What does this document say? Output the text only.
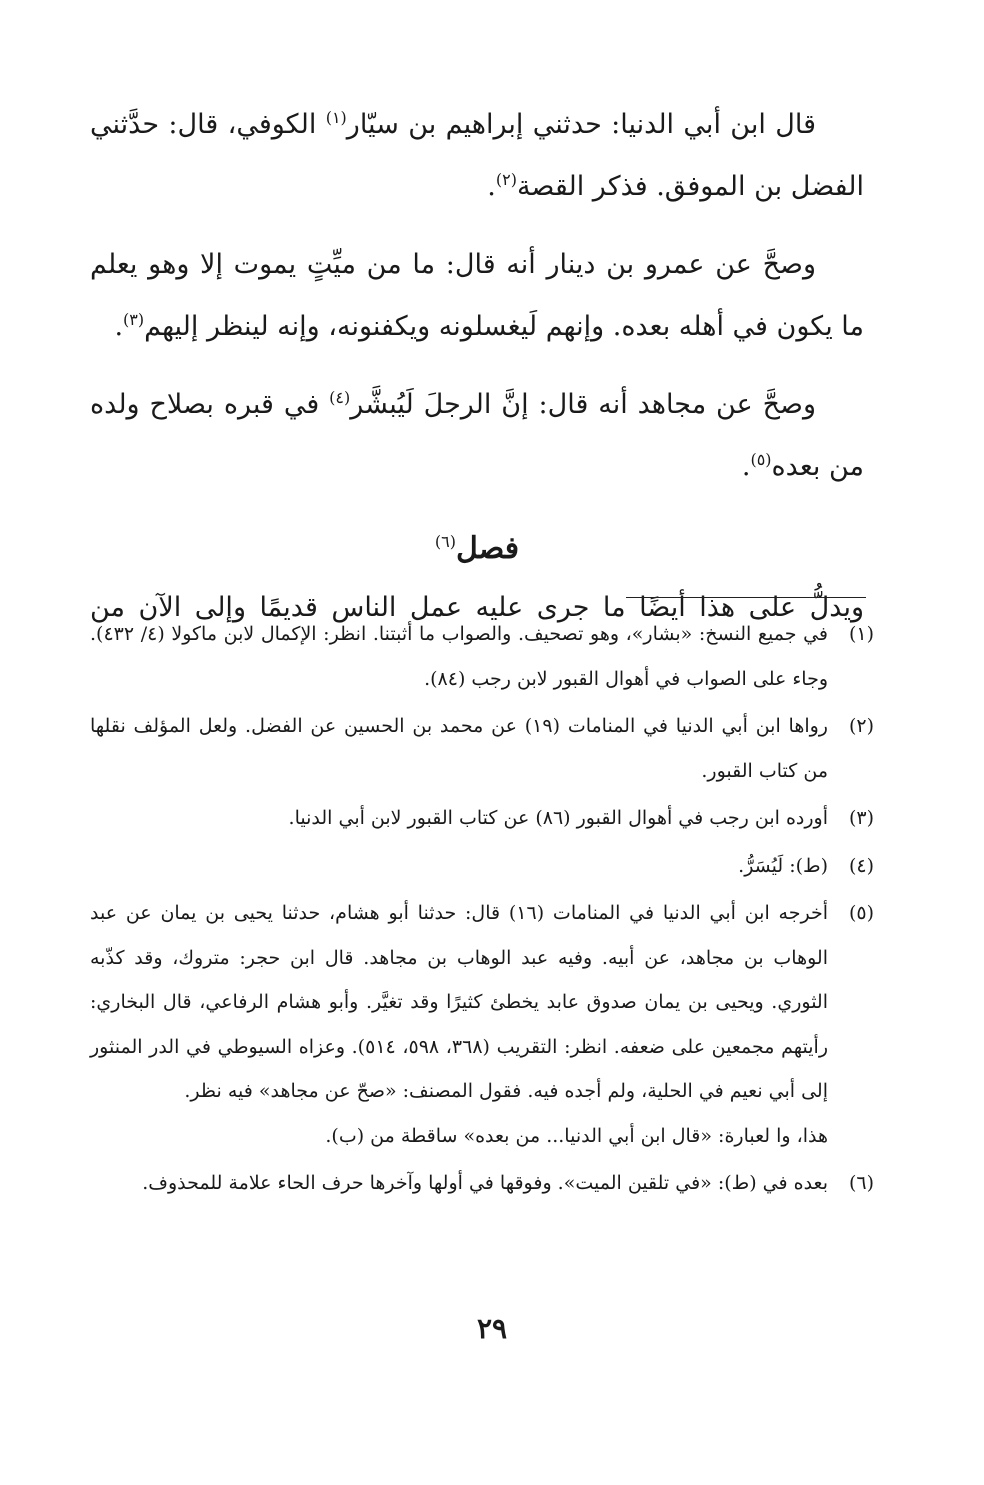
قال ابن أبي الدنيا: حدثني إبراهيم بن سيّار$^{(١)}$ الكوفي، قال: حدَّثني الفضل بن الموفق. فذكر القصة$^{(٢)}$.

وصحَّ عن عمرو بن دينار أنه قال: ما من ميِّتٍ يموت إلا وهو يعلم ما يكون في أهله بعده. وإنهم لَيغسلونه ويكفنونه، وإنه لينظر إليهم$^{(٣)}$.

وصحَّ عن مجاهد أنه قال: إنَّ الرجلَ لَيُبشَّر$^{(٤)}$ في قبره بصلاح ولده من بعده$^{(٥)}$.

فصل$^{(٦)}$

ويدلُّ على هذا أيضًا ما جرى عليه عمل الناس قديمًا وإلى الآن من

(١)

في جميع النسخ: «بشار»، وهو تصحيف. والصواب ما أثبتنا. انظر: الإكمال لابن ماكولا (٤/ ٤٣٢). وجاء على الصواب في أهوال القبور لابن رجب (٨٤).

(٢)

رواها ابن أبي الدنيا في المنامات (١٩) عن محمد بن الحسين عن الفضل. ولعل المؤلف نقلها من كتاب القبور.

(٣)

أورده ابن رجب في أهوال القبور (٨٦) عن كتاب القبور لابن أبي الدنيا.

(٤)

(ط): لَيُسَرُّ.

(٥)

أخرجه ابن أبي الدنيا في المنامات (١٦) قال: حدثنا أبو هشام، حدثنا يحيى بن يمان عن عبد الوهاب بن مجاهد، عن أبيه. وفيه عبد الوهاب بن مجاهد. قال ابن حجر: متروك، وقد كذّبه الثوري. ويحيى بن يمان صدوق عابد يخطئ كثيرًا وقد تغيَّر. وأبو هشام الرفاعي، قال البخاري: رأيتهم مجمعين على ضعفه. انظر: التقريب (٣٦٨، ٥٩٨، ٥١٤). وعزاه السيوطي في الدر المنثور إلى أبي نعيم في الحلية، ولم أجده فيه. فقول المصنف: «صحّ عن مجاهد» فيه نظر.

هذا، وا لعبارة: «قال ابن أبي الدنيا... من بعده» ساقطة من (ب).

(٦)

بعده في (ط): «في تلقين الميت». وفوقها في أولها وآخرها حرف الحاء علامة للمحذوف.

٢٩
